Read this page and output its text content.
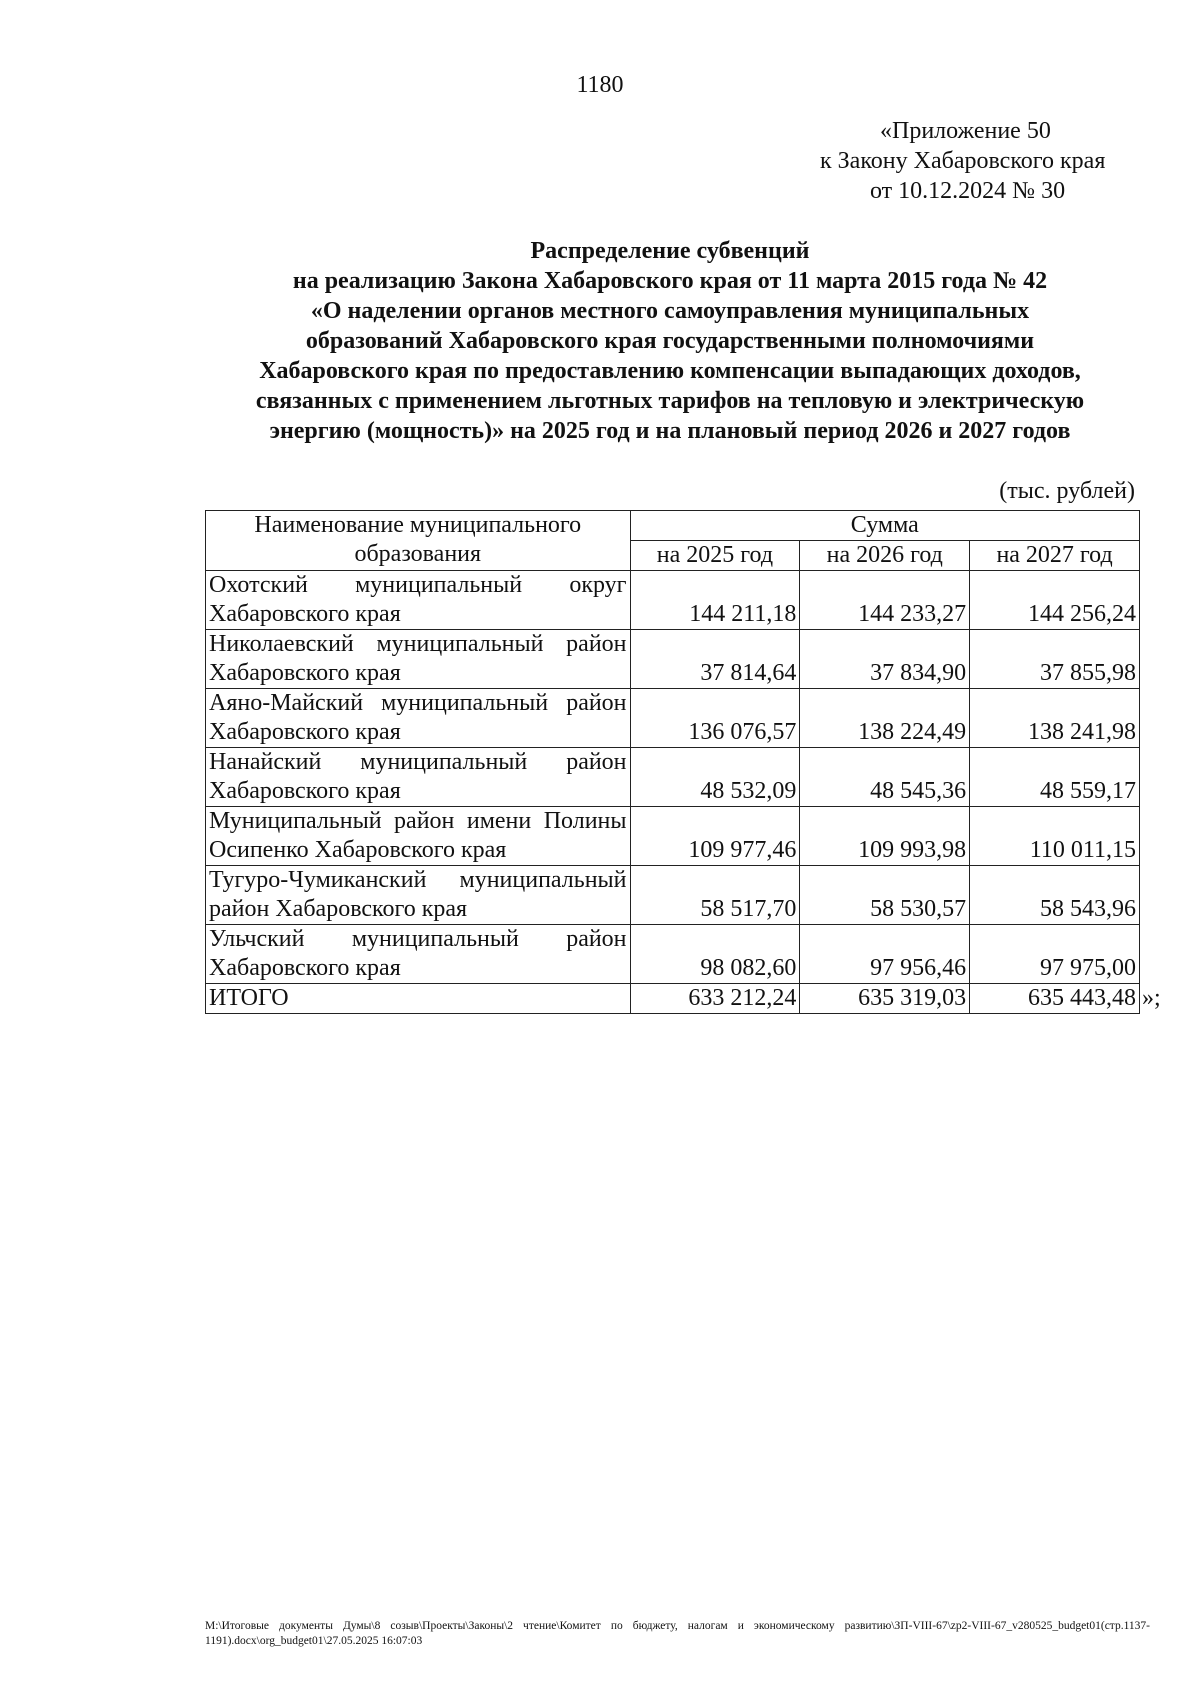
1180
«Приложение 50
к Закону Хабаровского края
от 10.12.2024 № 30
Распределение субвенций
на реализацию Закона Хабаровского края от 11 марта 2015 года № 42
«О наделении органов местного самоуправления муниципальных
образований Хабаровского края государственными полномочиями
Хабаровского края по предоставлению компенсации выпадающих доходов,
связанных с применением льготных тарифов на тепловую и электрическую
энергию (мощность)» на 2025 год и на плановый период 2026 и 2027 годов
(тыс. рублей)
Наименование муниципального образования	Сумма		
	на 2025 год	на 2026 год	на 2027 год
Охотский муниципальный округ Хабаровского края	144 211,18	144 233,27	144 256,24
Николаевский муниципальный район Хабаровского края	37 814,64	37 834,90	37 855,98
Аяно-Майский муниципальный район Хабаровского края	136 076,57	138 224,49	138 241,98
Нанайский муниципальный район Хабаровского края	48 532,09	48 545,36	48 559,17
Муниципальный район имени Полины Осипенко Хабаровского края	109 977,46	109 993,98	110 011,15
Тугуро-Чумиканский муниципальный район Хабаровского края	58 517,70	58 530,57	58 543,96
Ульчский муниципальный район Хабаровского края	98 082,60	97 956,46	97 975,00
ИТОГО	633 212,24	635 319,03	635 443,48 »;
M:\Итоговые документы Думы\8 созыв\Проекты\Законы\2 чтение\Комитет по бюджету, налогам и экономическому развитию\ЗП-VIII-67\zp2-VIII-67_v280525_budget01(стр.1137-1191).docx\org_budget01\27.05.2025 16:07:03
